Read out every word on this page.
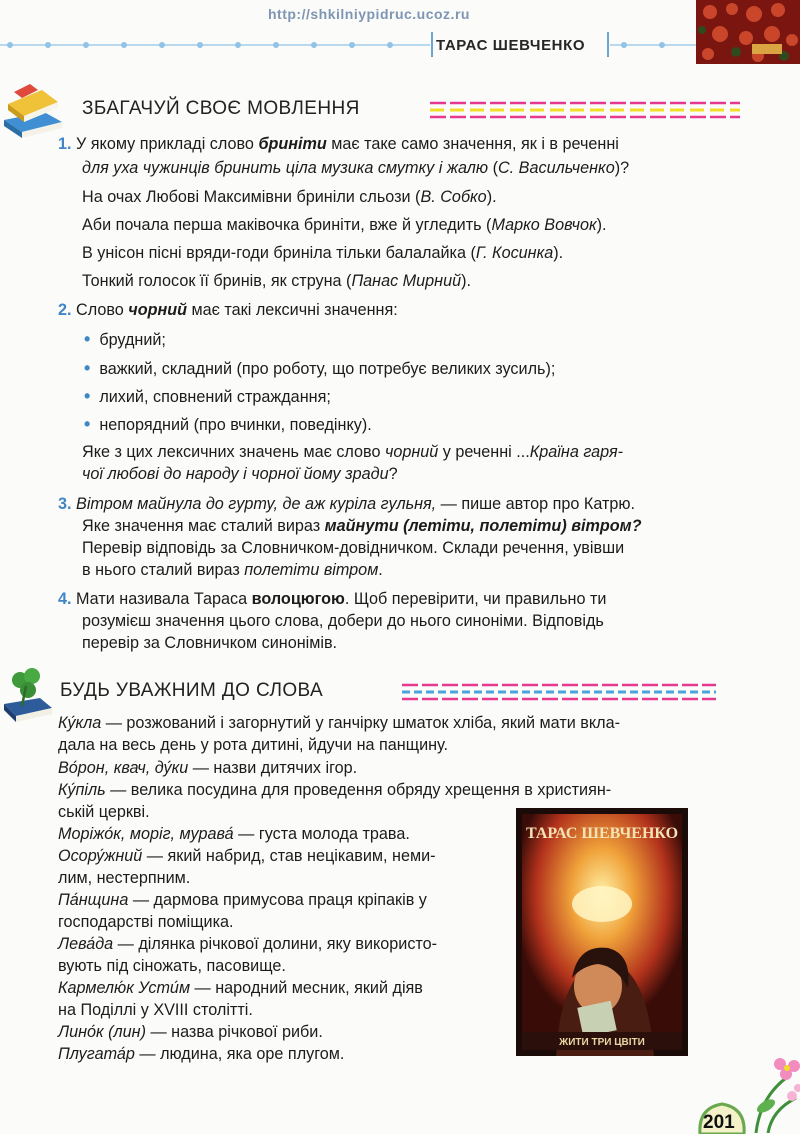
http://shkilniypidruc.ucoz.ru
ТАРАС ШЕВЧЕНКО
ЗБАГАЧУЙ СВОЄ МОВЛЕННЯ
1. У якому прикладі слово бриніти має таке само значення, як і в реченні
для уха чужинців бринить ціла музика смутку і жалю (С. Васильченко)?
На очах Любові Максимівни бриніли сльози (В. Собко).
Аби почала перша маківочка бриніти, вже й угледить (Марко Вовчок).
В унісон пісні вряди-годи бриніла тільки балалайка (Г. Косинка).
Тонкий голосок її бринів, як струна (Панас Мирний).
2. Слово чорний має такі лексичні значення:
• брудний;
• важкий, складний (про роботу, що потребує великих зусиль);
• лихий, сповнений страждання;
• непорядний (про вчинки, поведінку).
Яке з цих лексичних значень має слово чорний у реченні ...Країна гаря-
чої любові до народу і чорної йому зради?
3. Вітром майнула до гурту, де аж куріла гульня, — пише автор про Катрю.
Яке значення має сталий вираз майнути (летіти, полетіти) вітром?
Перевір відповідь за Словничком-довідничком. Склади речення, увівши
в нього сталий вираз полетіти вітром.
4. Мати називала Тараса волоцюгою. Щоб перевірити, чи правильно ти
розумієш значення цього слова, добери до нього синоніми. Відповідь
перевір за Словничком синонімів.
БУДЬ УВАЖНИМ ДО СЛОВА
Ку́кла — розжований і загорнутий у ганчірку шматок хліба, який мати вкла-
дала на весь день у рота дитині, йдучи на панщину.
Во́рон, квач, ду́ки — назви дитячих ігор.
Ку́піль — велика посудина для проведення обряду хрещення в християн-
ській церкві.
Моріжо́к, моріг, мурава́ — густа молода трава.
Осору́жний — який набрид, став нецікавим, неми-
лим, нестерпним.
Па́нщина — дармова примусова праця кріпаків у
господарстві поміщика.
Лева́да — ділянка річкової долини, яку використо-
вують під сіножать, пасовище.
Кармелю́к Усти́м — народний месник, який діяв
на Поділлі у XVIII столітті.
Лино́к (лин) — назва річкової риби.
Плугата́р — людина, яка оре плугом.
ТАРАС ШЕВЧЕНКО
ЖИТИ ТРИ ЦВІТИ
201
